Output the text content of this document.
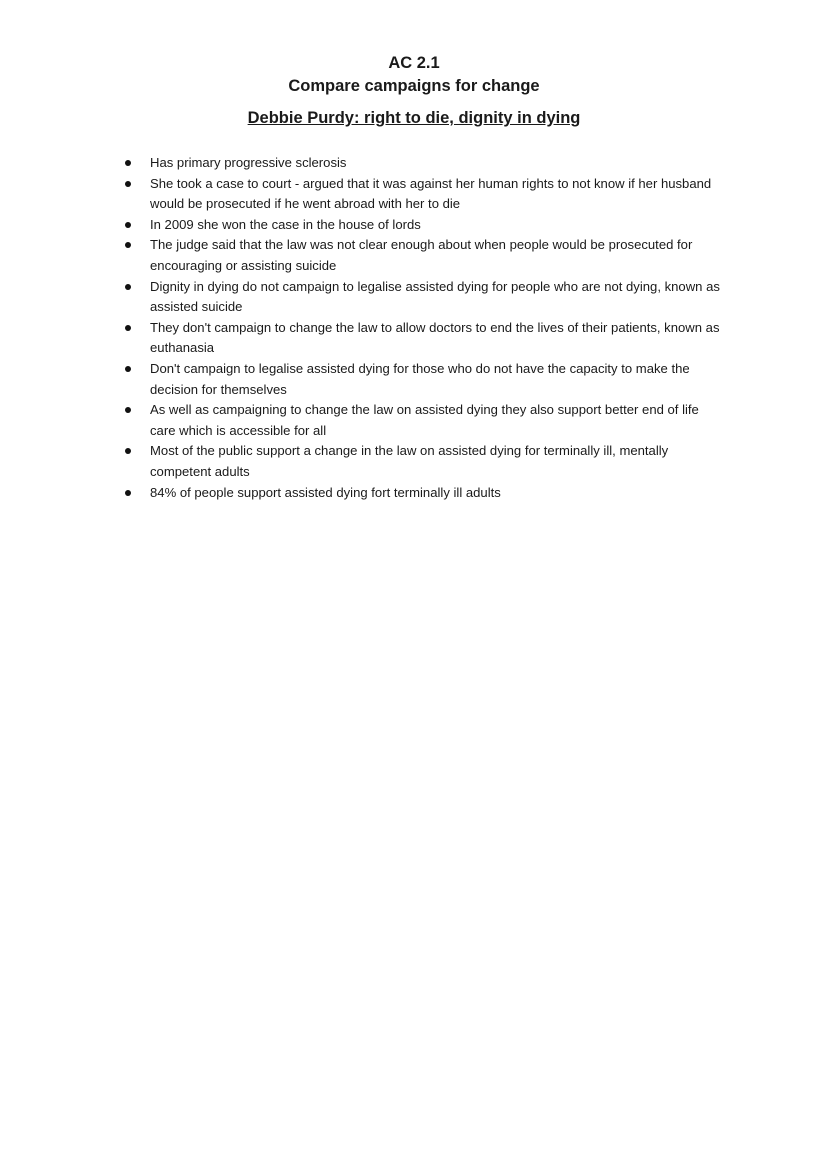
AC 2.1

Compare campaigns for change

Debbie Purdy: right to die, dignity in dying

Has primary progressive sclerosis
She took a case to court - argued that it was against her human rights to not know if her husband would be prosecuted if he went abroad with her to die
In 2009 she won the case in the house of lords
The judge said that the law was not clear enough about when people would be prosecuted for encouraging or assisting suicide
Dignity in dying do not campaign to legalise assisted dying for people who are not dying, known as assisted suicide
They don't campaign to change the law to allow doctors to end the lives of their patients, known as euthanasia
Don't campaign to legalise assisted dying for those who do not have the capacity to make the decision for themselves
As well as campaigning to change the law on assisted dying they also support better end of life care which is accessible for all
Most of the public support a change in the law on assisted dying for terminally ill, mentally competent adults
84% of people support assisted dying fort terminally ill adults
